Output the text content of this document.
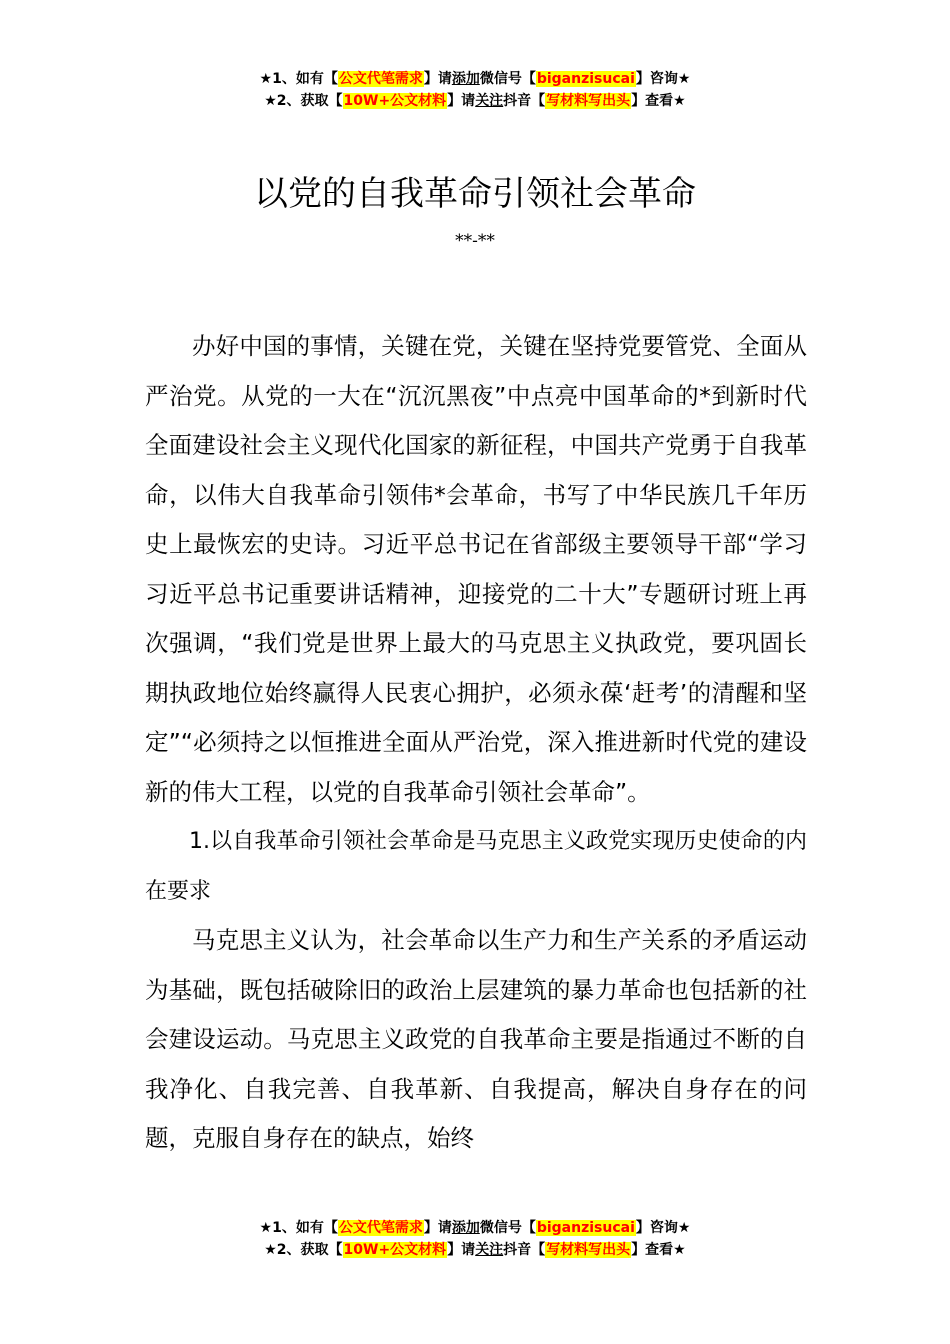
★1、如有【公文代笔需求】请添加微信号【biganzisucai】咨询★
★2、获取【10W+公文材料】请关注抖音【写材料写出头】查看★
以党的自我革命引领社会革命
**-**

办好中国的事情，关键在党，关键在坚持党要管党、全面从严治党。从党的一大在“沉沉黑夜”中点亮中国革命的*到新时代全面建设社会主义现代化国家的新征程，中国共产党勇于自我革命，以伟大自我革命引领伟*会革命，书写了中华民族几千年历史上最恢宏的史诗。习近平总书记在省部级主要领导干部“学习习近平总书记重要讲话精神，迎接党的二十大”专题研讨班上再次强调，“我们党是世界上最大的马克思主义执政党，要巩固长期执政地位始终赢得人民衷心拥护，必须永葆‘赶考’的清醒和坚定”“必须持之以恒推进全面从严治党，深入推进新时代党的建设新的伟大工程，以党的自我革命引领社会革命”。

1.以自我革命引领社会革命是马克思主义政党实现历史使命的内在要求

马克思主义认为，社会革命以生产力和生产关系的矛盾运动为基础，既包括破除旧的政治上层建筑的暴力革命也包括新的社会建设运动。马克思主义政党的自我革命主要是指通过不断的自我净化、自我完善、自我革新、自我提高，解决自身存在的问题，克服自身存在的缺点，始终

★1、如有【公文代笔需求】请添加微信号【biganzisucai】咨询★
★2、获取【10W+公文材料】请关注抖音【写材料写出头】查看★
